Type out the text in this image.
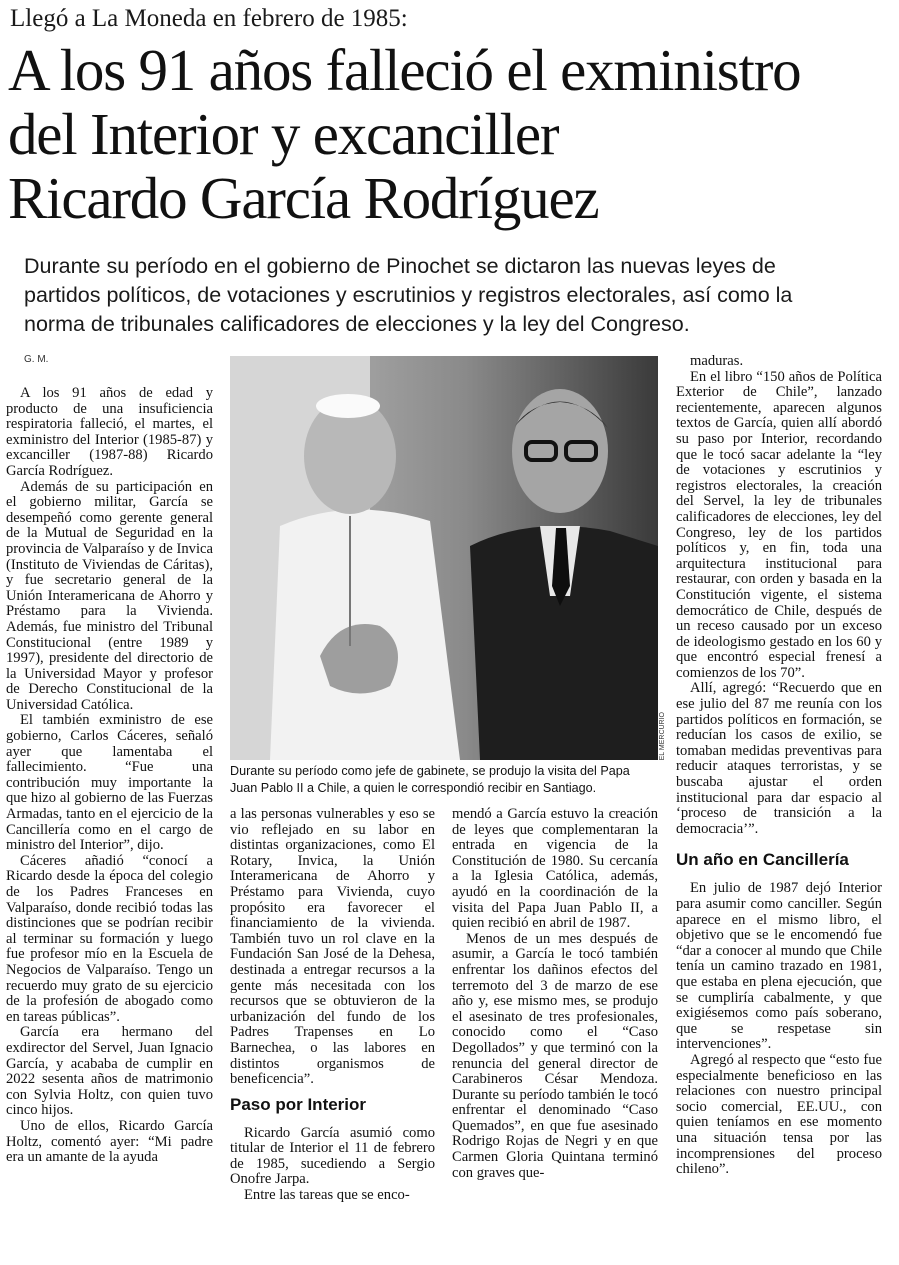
Llegó a La Moneda en febrero de 1985:
A los 91 años falleció el exministro
del Interior y excanciller
Ricardo García Rodríguez
Durante su período en el gobierno de Pinochet se dictaron las nuevas leyes de
partidos políticos, de votaciones y escrutinios y registros electorales, así como la
norma de tribunales calificadores de elecciones y la ley del Congreso.
G. M.

A los 91 años de edad y producto de una insuficiencia respiratoria falleció, el martes, el exministro del Interior (1985-87) y excanciller (1987-88) Ricardo García Rodríguez.

Además de su participación en el gobierno militar, García se desempeñó como gerente general de la Mutual de Seguridad en la provincia de Valparaíso y de Invica (Instituto de Viviendas de Cáritas), y fue secretario general de la Unión Interamericana de Ahorro y Préstamo para la Vivienda. Además, fue ministro del Tribunal Constitucional (entre 1989 y 1997), presidente del directorio de la Universidad Mayor y profesor de Derecho Constitucional de la Universidad Católica.

El también exministro de ese gobierno, Carlos Cáceres, señaló ayer que lamentaba el fallecimiento. “Fue una contribución muy importante la que hizo al gobierno de las Fuerzas Armadas, tanto en el ejercicio de la Cancillería como en el cargo de ministro del Interior”, dijo.

Cáceres añadió “conocí a Ricardo desde la época del colegio de los Padres Franceses en Valparaíso, donde recibió todas las distinciones que se podrían recibir al terminar su formación y luego fue profesor mío en la Escuela de Negocios de Valparaíso. Tengo un recuerdo muy grato de su ejercicio de la profesión de abogado como en tareas públicas”.

García era hermano del exdirector del Servel, Juan Ignacio García, y acababa de cumplir en 2022 sesenta años de matrimonio con Sylvia Holtz, con quien tuvo cinco hijos.

Uno de ellos, Ricardo García Holtz, comentó ayer: “Mi padre era un amante de la ayuda

EL MERCURIO
Durante su período como jefe de gabinete, se produjo la visita del Papa Juan Pablo II a Chile, a quien le correspondió recibir en Santiago.

a las personas vulnerables y eso se vio reflejado en su labor en distintas organizaciones, como El Rotary, Invica, la Unión Interamericana de Ahorro y Préstamo para Vivienda, cuyo propósito era favorecer el financiamiento de la vivienda. También tuvo un rol clave en la Fundación San José de la Dehesa, destinada a entregar recursos a la gente más necesitada con los recursos que se obtuvieron de la urbanización del fundo de los Padres Trapenses en Lo Barnechea, o las labores en distintos organismos de beneficencia”.

Paso por Interior

Ricardo García asumió como titular de Interior el 11 de febrero de 1985, sucediendo a Sergio Onofre Jarpa.

Entre las tareas que se enco-

mendó a García estuvo la creación de leyes que complementaran la entrada en vigencia de la Constitución de 1980. Su cercanía a la Iglesia Católica, además, ayudó en la coordinación de la visita del Papa Juan Pablo II, a quien recibió en abril de 1987.

Menos de un mes después de asumir, a García le tocó también enfrentar los dañinos efectos del terremoto del 3 de marzo de ese año y, ese mismo mes, se produjo el asesinato de tres profesionales, conocido como el “Caso Degollados” y que terminó con la renuncia del general director de Carabineros César Mendoza. Durante su período también le tocó enfrentar el denominado “Caso Quemados”, en que fue asesinado Rodrigo Rojas de Negri y en que Carmen Gloria Quintana terminó con graves que-

maduras.

En el libro “150 años de Política Exterior de Chile”, lanzado recientemente, aparecen algunos textos de García, quien allí abordó su paso por Interior, recordando que le tocó sacar adelante la “ley de votaciones y escrutinios y registros electorales, la creación del Servel, la ley de tribunales calificadores de elecciones, ley del Congreso, ley de los partidos políticos y, en fin, toda una arquitectura institucional para restaurar, con orden y basada en la Constitución vigente, el sistema democrático de Chile, después de un receso causado por un exceso de ideologismo gestado en los 60 y que encontró especial frenesí a comienzos de los 70”.

Allí, agregó: “Recuerdo que en ese julio del 87 me reunía con los partidos políticos en formación, se reducían los casos de exilio, se tomaban medidas preventivas para reducir ataques terroristas, y se buscaba ajustar el orden institucional para dar espacio al ‘proceso de transición a la democracia’”.

Un año en Cancillería

En julio de 1987 dejó Interior para asumir como canciller. Según aparece en el mismo libro, el objetivo que se le encomendó fue “dar a conocer al mundo que Chile tenía un camino trazado en 1981, que estaba en plena ejecución, que se cumpliría cabalmente, y que exigiésemos como país soberano, que se respetase sin intervenciones”.

Agregó al respecto que “esto fue especialmente beneficioso en las relaciones con nuestro principal socio comercial, EE.UU., con quien teníamos en ese momento una situación tensa por las incomprensiones del proceso chileno”.
